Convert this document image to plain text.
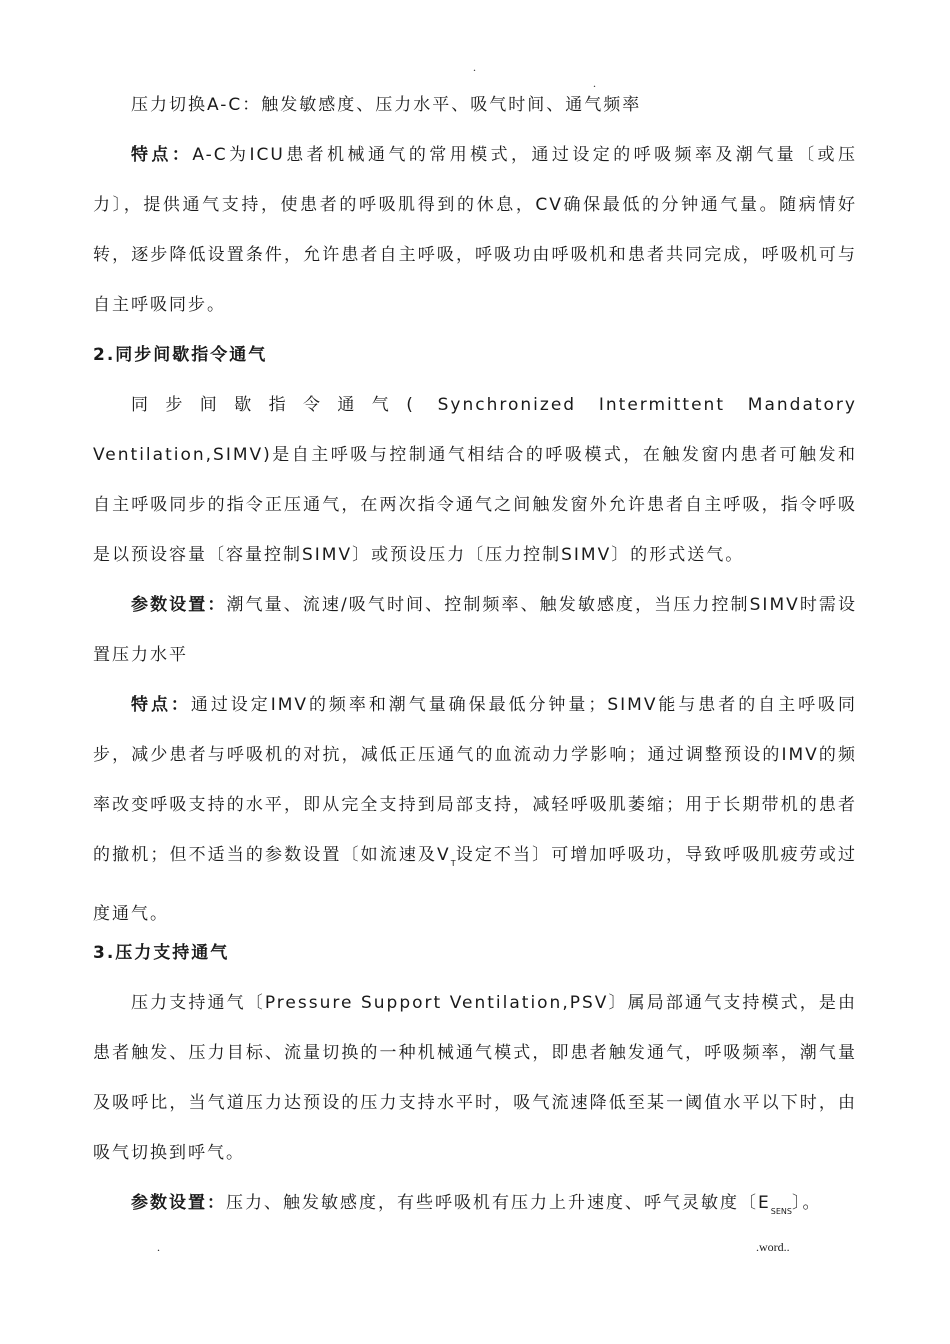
.
.

压力切换A-C：触发敏感度、压力水平、吸气时间、通气频率

特点：A-C为ICU患者机械通气的常用模式，通过设定的呼吸频率及潮气量〔或压力〕，提供通气支持，使患者的呼吸肌得到的休息，CV确保最低的分钟通气量。随病情好转，逐步降低设置条件，允许患者自主呼吸，呼吸功由呼吸机和患者共同完成，呼吸机可与自主呼吸同步。

2.同步间歇指令通气

同步间歇指令通气( Synchronized Intermittent Mandatory Ventilation,SIMV)是自主呼吸与控制通气相结合的呼吸模式，在触发窗内患者可触发和自主呼吸同步的指令正压通气，在两次指令通气之间触发窗外允许患者自主呼吸，指令呼吸是以预设容量〔容量控制SIMV〕或预设压力〔压力控制SIMV〕的形式送气。

参数设置：潮气量、流速/吸气时间、控制频率、触发敏感度，当压力控制SIMV时需设置压力水平

特点：通过设定IMV的频率和潮气量确保最低分钟量；SIMV能与患者的自主呼吸同步，减少患者与呼吸机的对抗，减低正压通气的血流动力学影响；通过调整预设的IMV的频率改变呼吸支持的水平，即从完全支持到局部支持，减轻呼吸肌萎缩；用于长期带机的患者的撤机；但不适当的参数设置〔如流速及$V_T$设定不当〕可增加呼吸功，导致呼吸肌疲劳或过度通气。

3.压力支持通气

压力支持通气〔Pressure Support Ventilation,PSV〕属局部通气支持模式，是由患者触发、压力目标、流量切换的一种机械通气模式，即患者触发通气，呼吸频率，潮气量及吸呼比，当气道压力达预设的压力支持水平时，吸气流速降低至某一阈值水平以下时，由吸气切换到呼气。

参数设置：压力、触发敏感度，有些呼吸机有压力上升速度、呼气灵敏度〔$E_{SENS}$〕。

.	.word..
